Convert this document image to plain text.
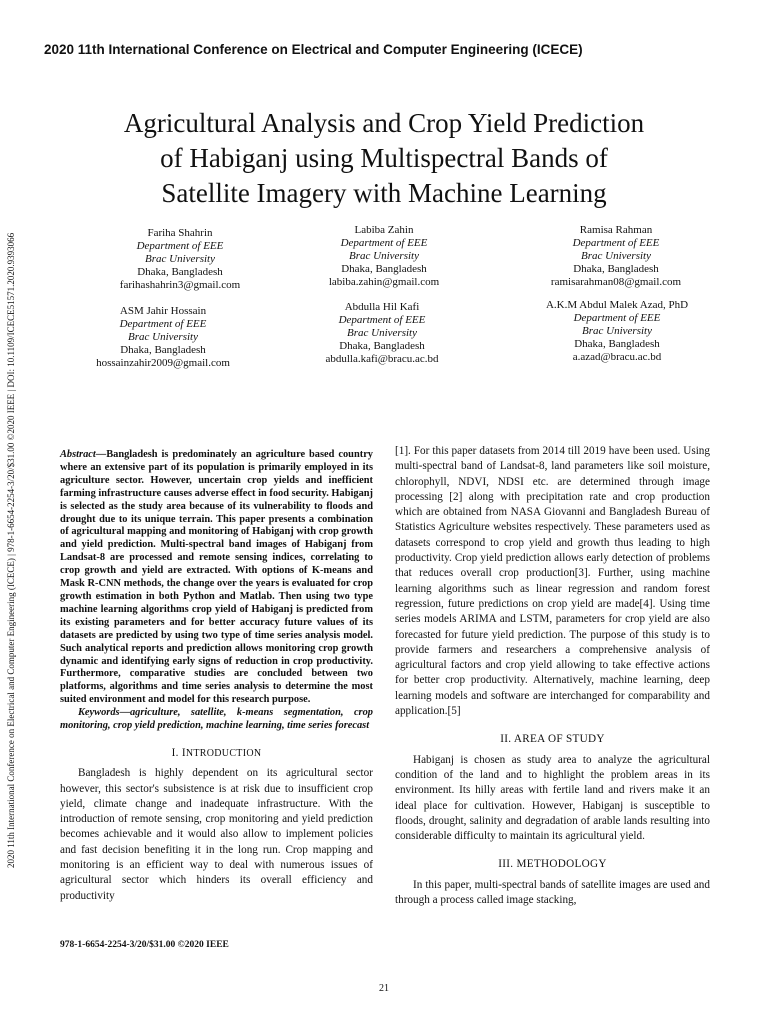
2020 11th International Conference on Electrical and Computer Engineering (ICECE)
Agricultural Analysis and Crop Yield Prediction
of Habiganj using Multispectral Bands of
Satellite Imagery with Machine Learning
Fariha Shahrin
Department of EEE
Brac University
Dhaka, Bangladesh
farihashahrin3@gmail.com
Labiba Zahin
Department of EEE
Brac University
Dhaka, Bangladesh
labiba.zahin@gmail.com
Ramisa Rahman
Department of EEE
Brac University
Dhaka, Bangladesh
ramisarahman08@gmail.com
ASM Jahir Hossain
Department of EEE
Brac University
Dhaka, Bangladesh
hossainzahir2009@gmail.com
Abdulla Hil Kafi
Department of EEE
Brac University
Dhaka, Bangladesh
abdulla.kafi@bracu.ac.bd
A.K.M Abdul Malek Azad, PhD
Department of EEE
Brac University
Dhaka, Bangladesh
a.azad@bracu.ac.bd
2020 11th International Conference on Electrical and Computer Engineering (ICECE) | 978-1-6654-2254-3/20/$31.00 ©2020 IEEE | DOI: 10.1109/ICECE51571.2020.9393066	Abstract—Bangladesh is predominately an agriculture based country where an extensive part of its population is primarily employed in its agriculture sector. However, uncertain crop yields and inefficient farming infrastructure causes adverse effect in food security. Habiganj is selected as the study area because of its vulnerability to floods and drought due to its unique terrain. This paper presents a combination of agricultural mapping and monitoring of Habiganj with crop growth and yield prediction. Multi-spectral band images of Habiganj from Landsat-8 are processed and remote sensing indices, correlating to crop growth and yield are extracted. With options of K-means and Mask R-CNN methods, the change over the years is evaluated for crop growth estimation in both Python and Matlab. Then using two type machine learning algorithms crop yield of Habiganj is predicted from its existing parameters and for better accuracy future values of its datasets are predicted by using two type of time series analysis model. Such analytical reports and prediction allows monitoring crop growth dynamic and identifying early signs of reduction in crop productivity. Furthermore, comparative studies are concluded between two platforms, algorithms and time series analysis to determine the most suited environment and model for this research purpose.

Keywords—agriculture, satellite, k-means segmentation, crop monitoring, crop yield prediction, machine learning, time series forecast

I. INTRODUCTION

Bangladesh is highly dependent on its agricultural sector however, this sector's subsistence is at risk due to insufficient crop yield, climate change and inadequate infrastructure. With the introduction of remote sensing, crop monitoring and yield prediction becomes achievable and it would also allow to implement policies and fast decision benefiting it in the long run. Crop mapping and monitoring is an efficient way to deal with numerous issues of agricultural sector which hinders its overall efficiency and productivity

[1]. For this paper datasets from 2014 till 2019 have been used. Using multi-spectral band of Landsat-8, land parameters like soil moisture, chlorophyll, NDVI, NDSI etc. are determined through image processing [2] along with precipitation rate and crop production which are obtained from NASA Giovanni and Bangladesh Bureau of Statistics Agriculture websites respectively. These parameters used as datasets correspond to crop yield and growth thus leading to high productivity. Crop yield prediction allows early detection of problems that reduces overall crop production[3]. Further, using machine learning algorithms such as linear regression and random forest regression, future predictions on crop yield are made[4]. Using time series models ARIMA and LSTM, parameters for crop yield are also forecasted for future yield prediction. The purpose of this study is to provide farmers and researchers a comprehensive analysis of agricultural factors and crop yield allowing to take effective actions for better crop productivity. Alternatively, machine learning, deep learning models and software are interchanged for comparability and application.[5]

II. AREA OF STUDY

Habiganj is chosen as study area to analyze the agricultural condition of the land and to highlight the problem areas in its environment. Its hilly areas with fertile land and rivers make it an ideal place for cultivation. However, Habiganj is susceptible to floods, drought, salinity and degradation of arable lands resulting into considerable difficulty to maintain its agricultural yield.

III. METHODOLOGY

In this paper, multi-spectral bands of satellite images are used and through a process called image stacking,

978-1-6654-2254-3/20/$31.00 ©2020 IEEE
21
